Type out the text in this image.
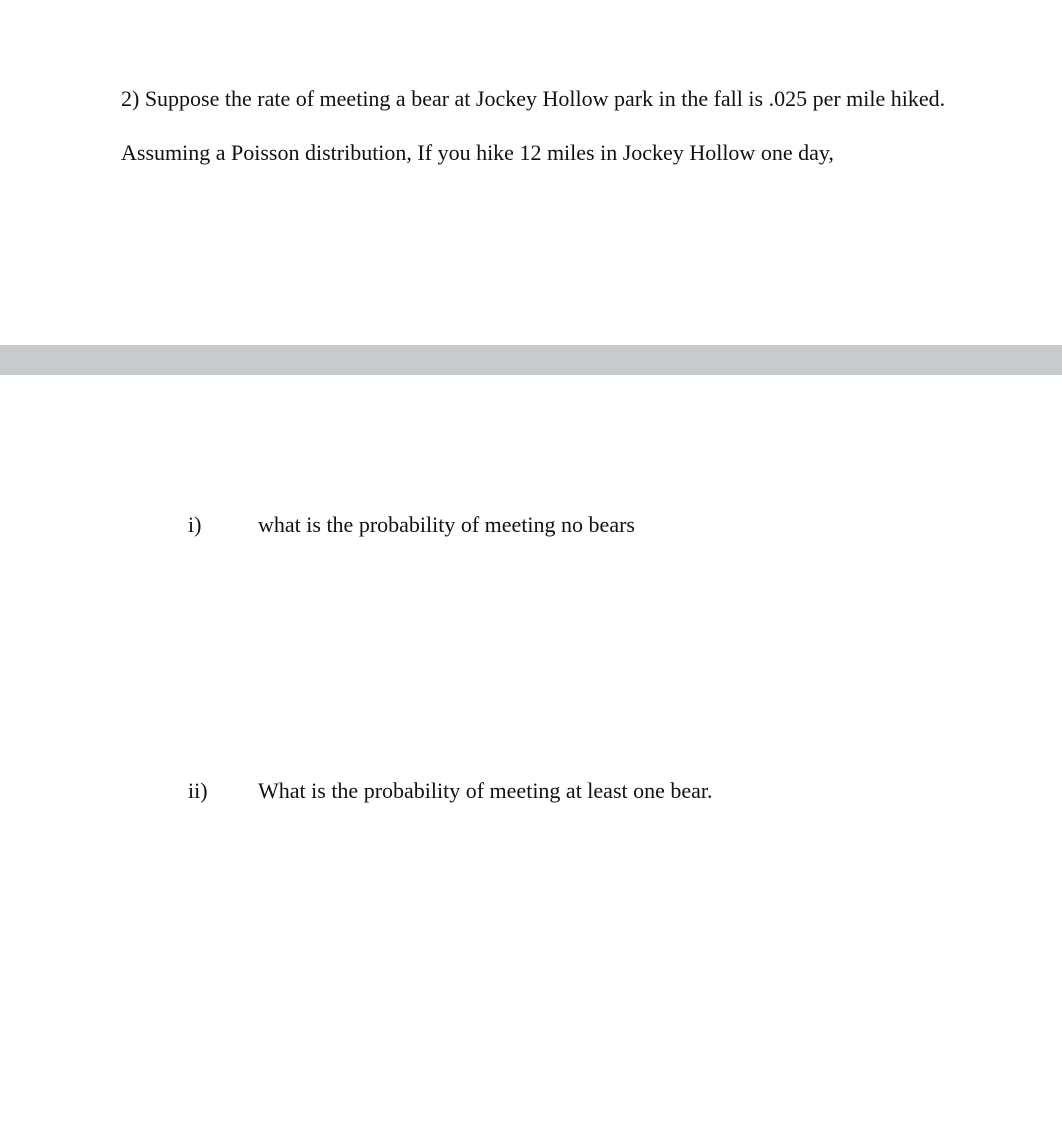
2) Suppose the rate of meeting a bear at Jockey Hollow park in the fall is .025 per mile hiked.
Assuming a Poisson distribution, If you hike 12 miles in Jockey Hollow one day,
i)	what is the probability of meeting no bears
ii) What is the probability of meeting at least one bear.
